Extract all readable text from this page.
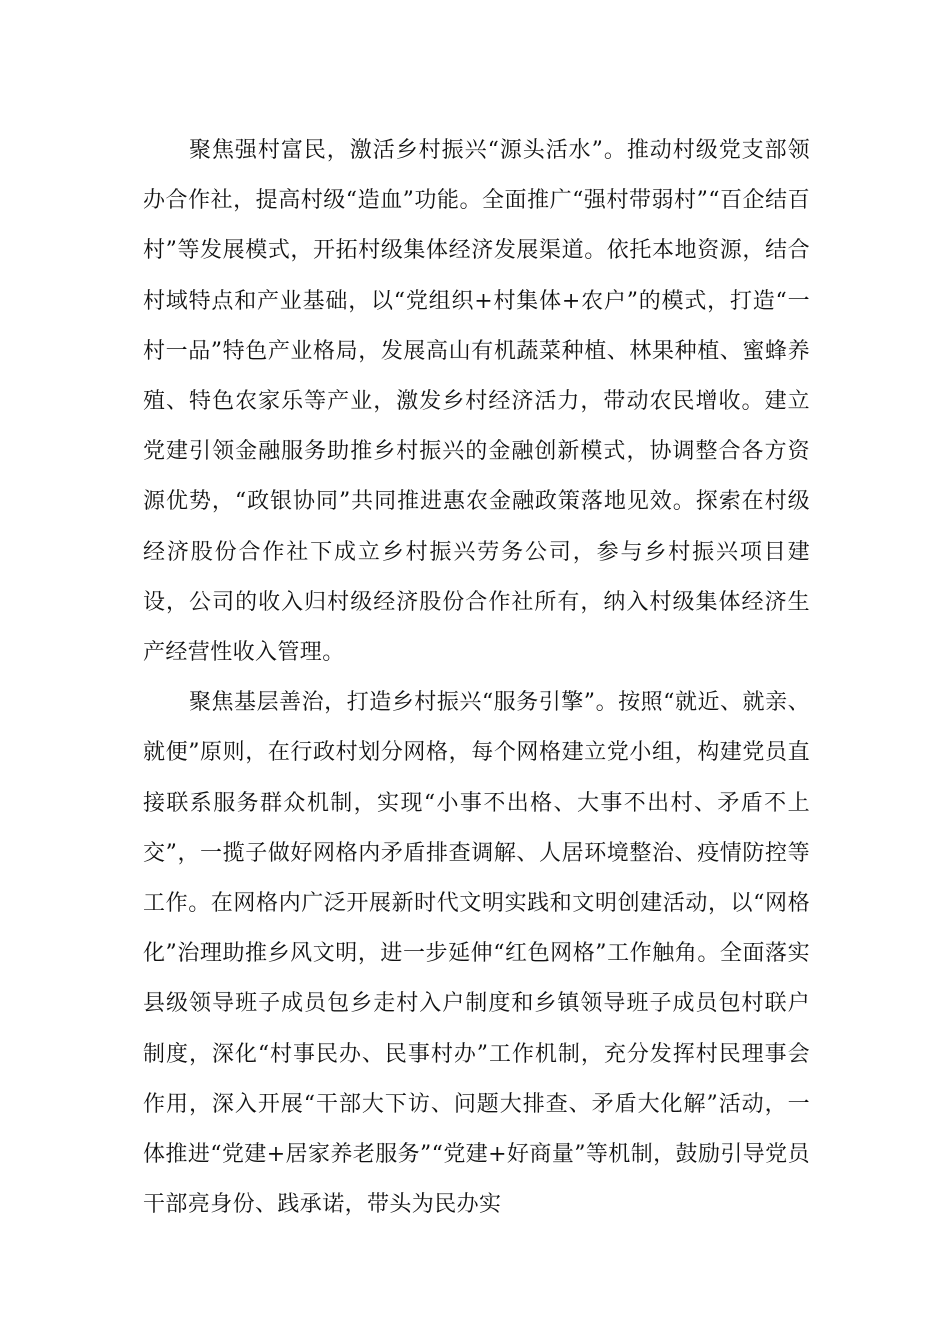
聚焦强村富民，激活乡村振兴“源头活水”。推动村级党支部领办合作社，提高村级“造血”功能。全面推广“强村带弱村”“百企结百村”等发展模式，开拓村级集体经济发展渠道。依托本地资源，结合村域特点和产业基础，以“党组织+村集体+农户”的模式，打造“一村一品”特色产业格局，发展高山有机蔬菜种植、林果种植、蜜蜂养殖、特色农家乐等产业，激发乡村经济活力，带动农民增收。建立党建引领金融服务助推乡村振兴的金融创新模式，协调整合各方资源优势，“政银协同”共同推进惠农金融政策落地见效。探索在村级经济股份合作社下成立乡村振兴劳务公司，参与乡村振兴项目建设，公司的收入归村级经济股份合作社所有，纳入村级集体经济生产经营性收入管理。

聚焦基层善治，打造乡村振兴“服务引擎”。按照“就近、就亲、就便”原则，在行政村划分网格，每个网格建立党小组，构建党员直接联系服务群众机制，实现“小事不出格、大事不出村、矛盾不上交”，一揽子做好网格内矛盾排查调解、人居环境整治、疫情防控等工作。在网格内广泛开展新时代文明实践和文明创建活动，以“网格化”治理助推乡风文明，进一步延伸“红色网格”工作触角。全面落实县级领导班子成员包乡走村入户制度和乡镇领导班子成员包村联户制度，深化“村事民办、民事村办”工作机制，充分发挥村民理事会作用，深入开展“干部大下访、问题大排查、矛盾大化解”活动，一体推进“党建+居家养老服务”“党建+好商量”等机制，鼓励引导党员干部亮身份、践承诺，带头为民办实
